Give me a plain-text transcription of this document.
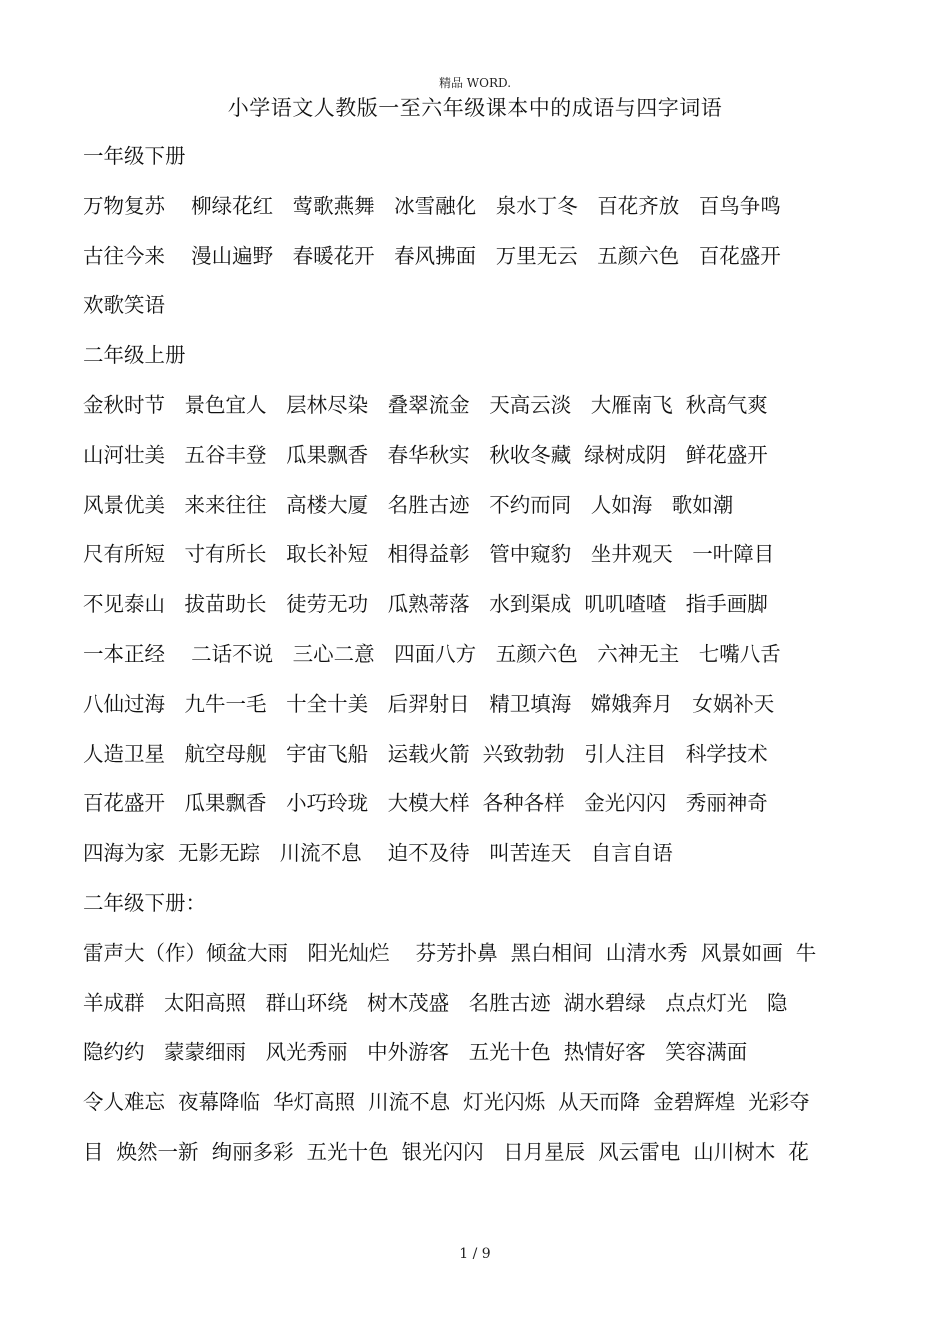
精品 WORD.
小学语文人教版一至六年级课本中的成语与四字词语
一年级下册
万物复苏    柳绿花红   莺歌燕舞   冰雪融化   泉水丁冬   百花齐放   百鸟争鸣
古往今来    漫山遍野   春暖花开   春风拂面   万里无云   五颜六色   百花盛开
欢歌笑语
二年级上册
金秋时节   景色宜人   层林尽染   叠翠流金   天高云淡   大雁南飞  秋高气爽
山河壮美   五谷丰登   瓜果飘香   春华秋实   秋收冬藏  绿树成阴   鲜花盛开
风景优美   来来往往   高楼大厦   名胜古迹   不约而同   人如海   歌如潮
尺有所短   寸有所长   取长补短   相得益彰   管中窥豹   坐井观天   一叶障目
不见泰山   拔苗助长   徒劳无功   瓜熟蒂落   水到渠成  叽叽喳喳   指手画脚
一本正经    二话不说   三心二意   四面八方   五颜六色   六神无主   七嘴八舌
八仙过海   九牛一毛   十全十美   后羿射日   精卫填海   嫦娥奔月   女娲补天
人造卫星   航空母舰   宇宙飞船   运载火箭  兴致勃勃   引人注目   科学技术
百花盛开   瓜果飘香   小巧玲珑   大模大样  各种各样   金光闪闪   秀丽神奇
四海为家  无影无踪   川流不息    迫不及待   叫苦连天   自言自语
二年级下册：
雷声大（作）倾盆大雨   阳光灿烂    芬芳扑鼻  黑白相间  山清水秀  风景如画  牛
羊成群   太阳高照   群山环绕   树木茂盛   名胜古迹  湖水碧绿   点点灯光   隐
隐约约   蒙蒙细雨   风光秀丽   中外游客   五光十色  热情好客   笑容满面
令人难忘  夜幕降临  华灯高照  川流不息  灯光闪烁  从天而降  金碧辉煌  光彩夺
目  焕然一新  绚丽多彩  五光十色  银光闪闪   日月星辰  风云雷电  山川树木  花
1 / 9
